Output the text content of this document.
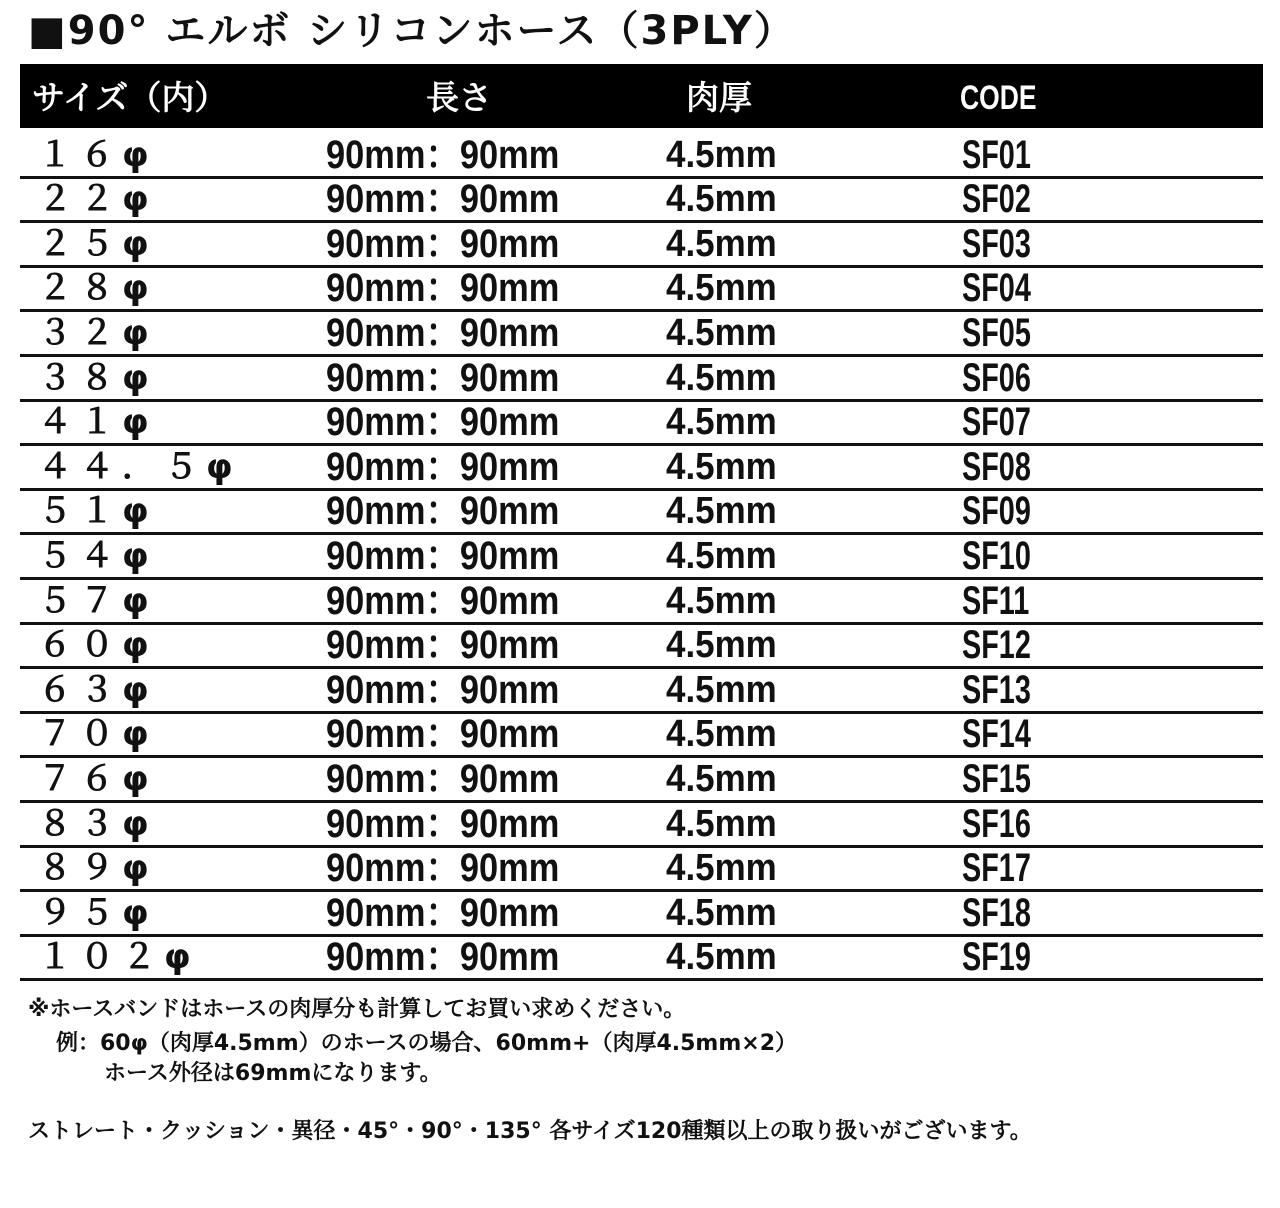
■90° エルボ シリコンホース（3PLY）
サイズ（内）	長さ	肉厚	CODE
１６φ	90mm：90mm	4.5mm	SF01
２２φ	90mm：90mm	4.5mm	SF02
２５φ	90mm：90mm	4.5mm	SF03
２８φ	90mm：90mm	4.5mm	SF04
３２φ	90mm：90mm	4.5mm	SF05
３８φ	90mm：90mm	4.5mm	SF06
４１φ	90mm：90mm	4.5mm	SF07
４４．５φ 90mm：90mm	4.5mm	SF08
５１φ	90mm：90mm	4.5mm	SF09
５４φ	90mm：90mm	4.5mm	SF10
５７φ	90mm：90mm	4.5mm	SF11
６０φ	90mm：90mm	4.5mm	SF12
６３φ	90mm：90mm	4.5mm	SF13
７０φ	90mm：90mm	4.5mm	SF14
７６φ	90mm：90mm	4.5mm	SF15
８３φ	90mm：90mm	4.5mm	SF16
８９φ	90mm：90mm	4.5mm	SF17
９５φ	90mm：90mm	4.5mm	SF18
１０２φ	90mm：90mm	4.5mm	SF19
※ホースバンドはホースの肉厚分も計算してお買い求めください。
例：60φ（肉厚4.5mm）のホースの場合、60mm+（肉厚4.5mm×2）
ホース外径は69mmになります。
ストレート・クッション・異径・45°・90°・135° 各サイズ120種類以上の取り扱いがございます。
